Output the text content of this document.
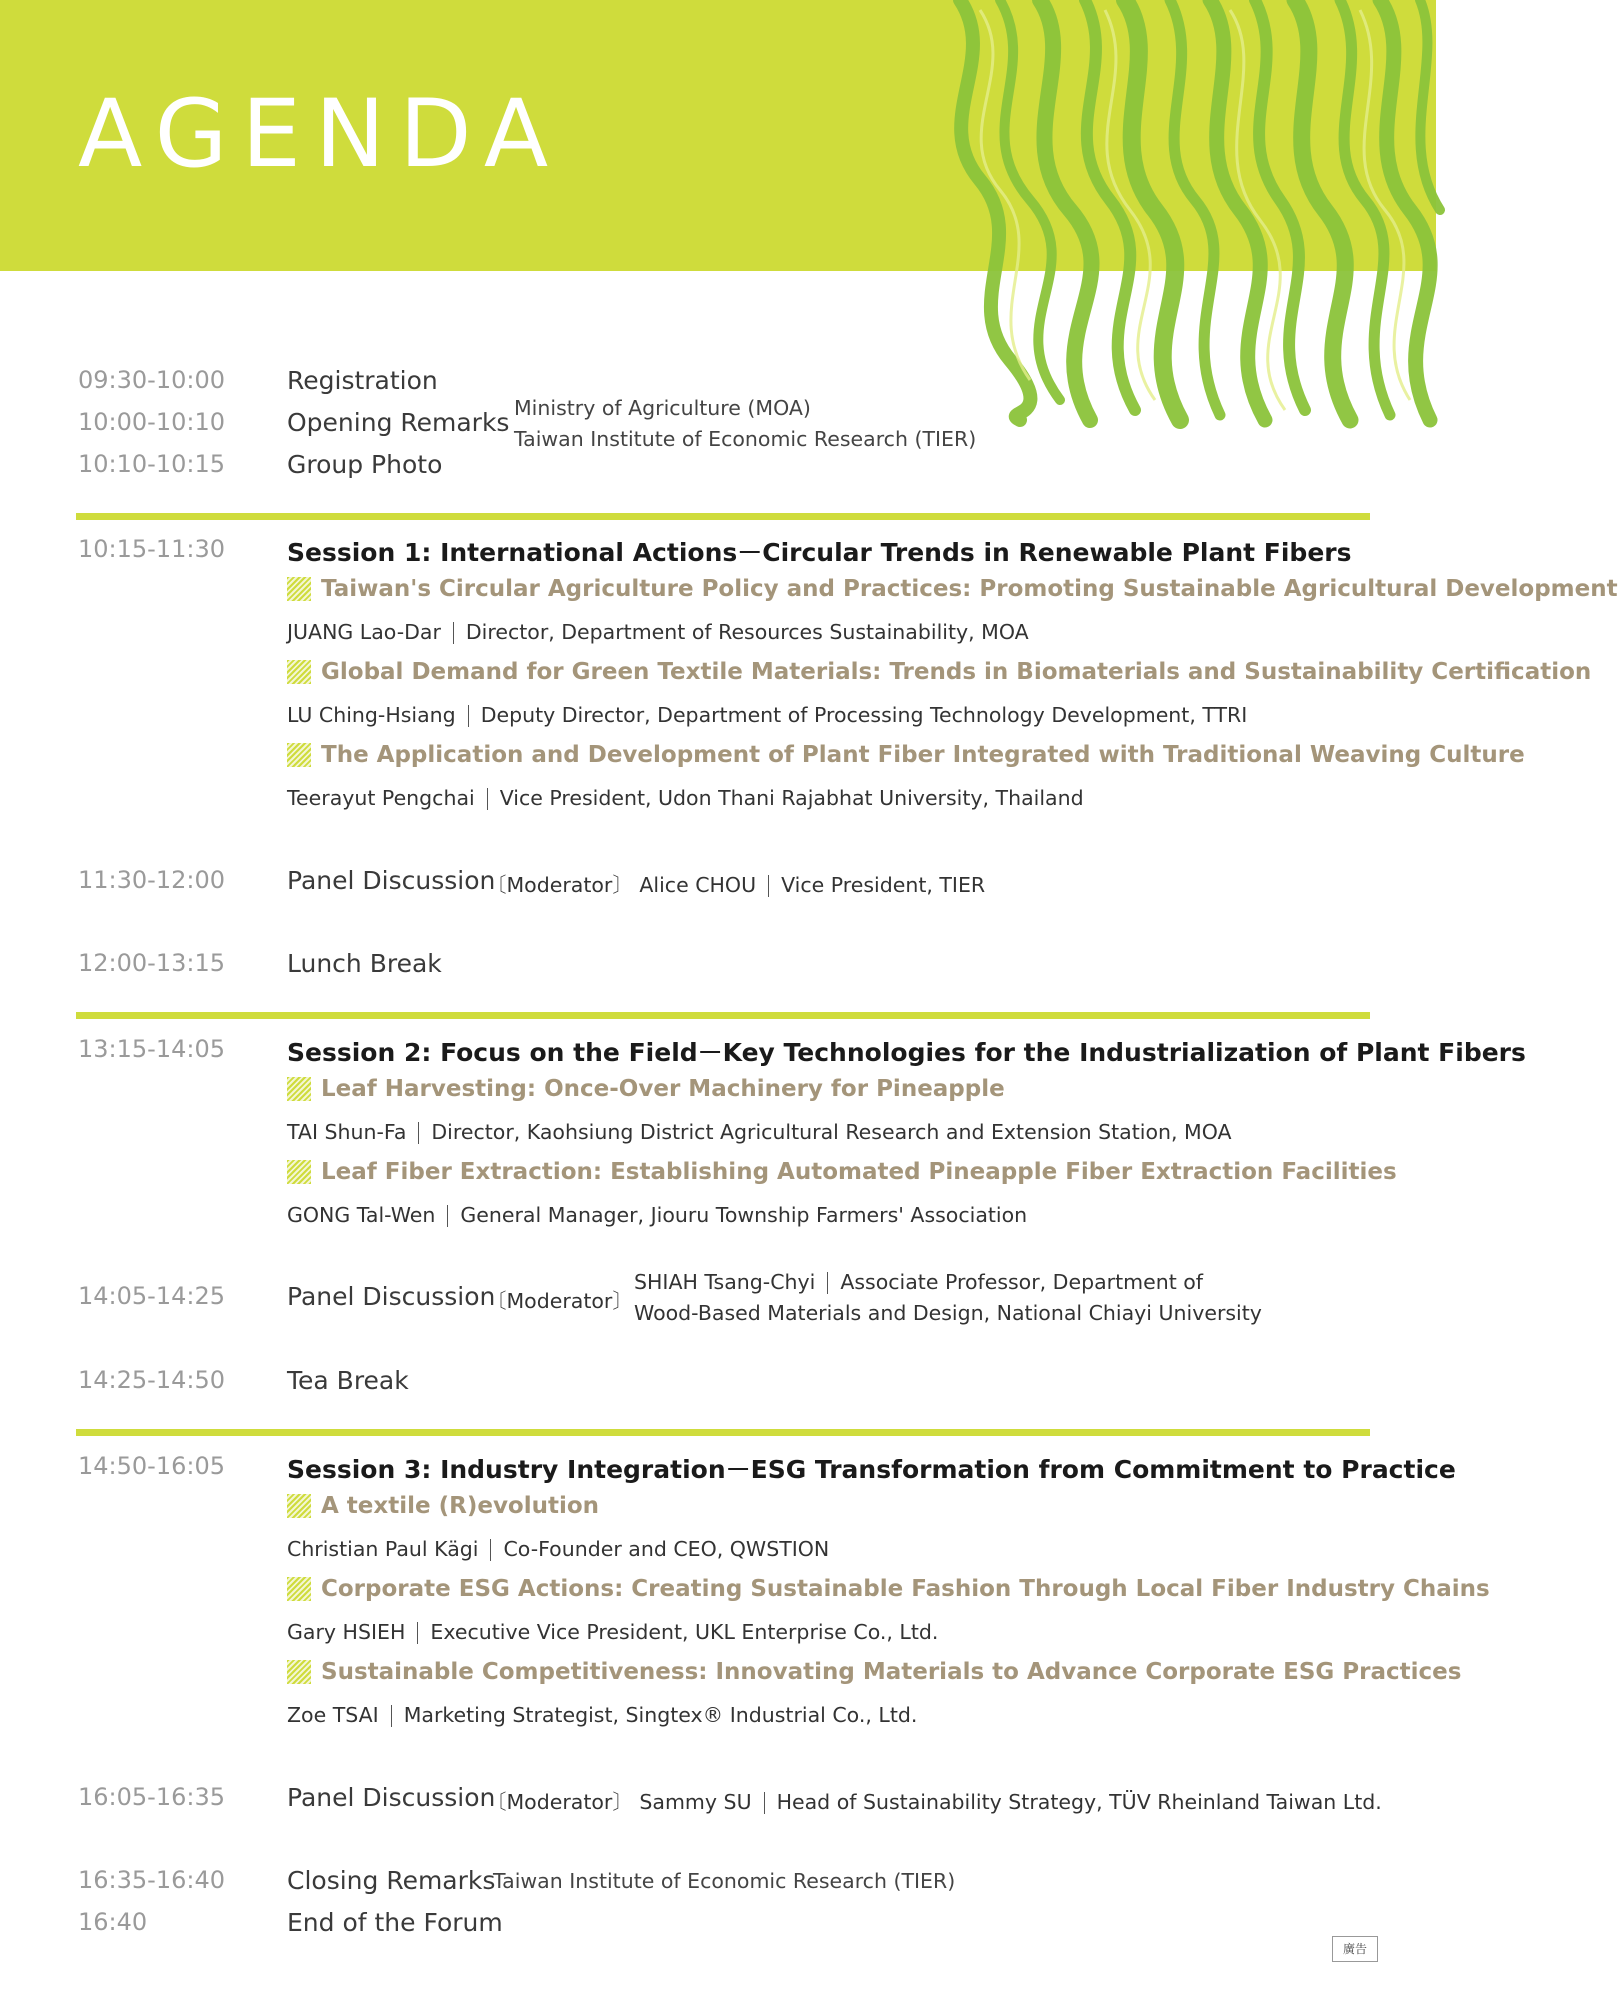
AGENDA
09:30-10:00 Registration
10:00-10:10 Opening Remarks
10:10-10:15 Group Photo
Ministry of Agriculture (MOA)
Taiwan Institute of Economic Research (TIER)
10:15-11:30 Session 1: International Actions－Circular Trends in Renewable Plant Fibers
Taiwan's Circular Agriculture Policy and Practices: Promoting Sustainable Agricultural Development
JUANG Lao-Dar Director, Department of Resources Sustainability, MOA
Global Demand for Green Textile Materials: Trends in Biomaterials and Sustainability Certification
LU Ching-Hsiang Deputy Director, Department of Processing Technology Development, TTRI
The Application and Development of Plant Fiber Integrated with Traditional Weaving Culture
Teerayut Pengchai Vice President, Udon Thani Rajabhat University, Thailand
11:30-12:00 Panel Discussion
〔Moderator〕 Alice CHOU Vice President, TIER
12:00-13:15 Lunch Break
13:15-14:05 Session 2: Focus on the Field－Key Technologies for the Industrialization of Plant Fibers
Leaf Harvesting: Once-Over Machinery for Pineapple
TAI Shun-Fa Director, Kaohsiung District Agricultural Research and Extension Station, MOA
Leaf Fiber Extraction: Establishing Automated Pineapple Fiber Extraction Facilities
GONG Tal-Wen General Manager, Jiouru Township Farmers' Association
14:05-14:25 Panel Discussion
〔Moderator〕
SHIAH Tsang-Chyi Associate Professor, Department of
Wood-Based Materials and Design, National Chiayi University
14:25-14:50 Tea Break
14:50-16:05 Session 3: Industry Integration－ESG Transformation from Commitment to Practice
A textile (R)evolution
Christian Paul Kägi Co-Founder and CEO, QWSTION
Corporate ESG Actions: Creating Sustainable Fashion Through Local Fiber Industry Chains
Gary HSIEH Executive Vice President, UKL Enterprise Co., Ltd.
Sustainable Competitiveness: Innovating Materials to Advance Corporate ESG Practices
Zoe TSAI Marketing Strategist, Singtex® Industrial Co., Ltd.
16:05-16:35 Panel Discussion
〔Moderator〕 Sammy SU Head of Sustainability Strategy, TÜV Rheinland Taiwan Ltd.
16:35-16:40 Closing Remarks
Taiwan Institute of Economic Research (TIER)
16:40	End of the Forum
廣告
